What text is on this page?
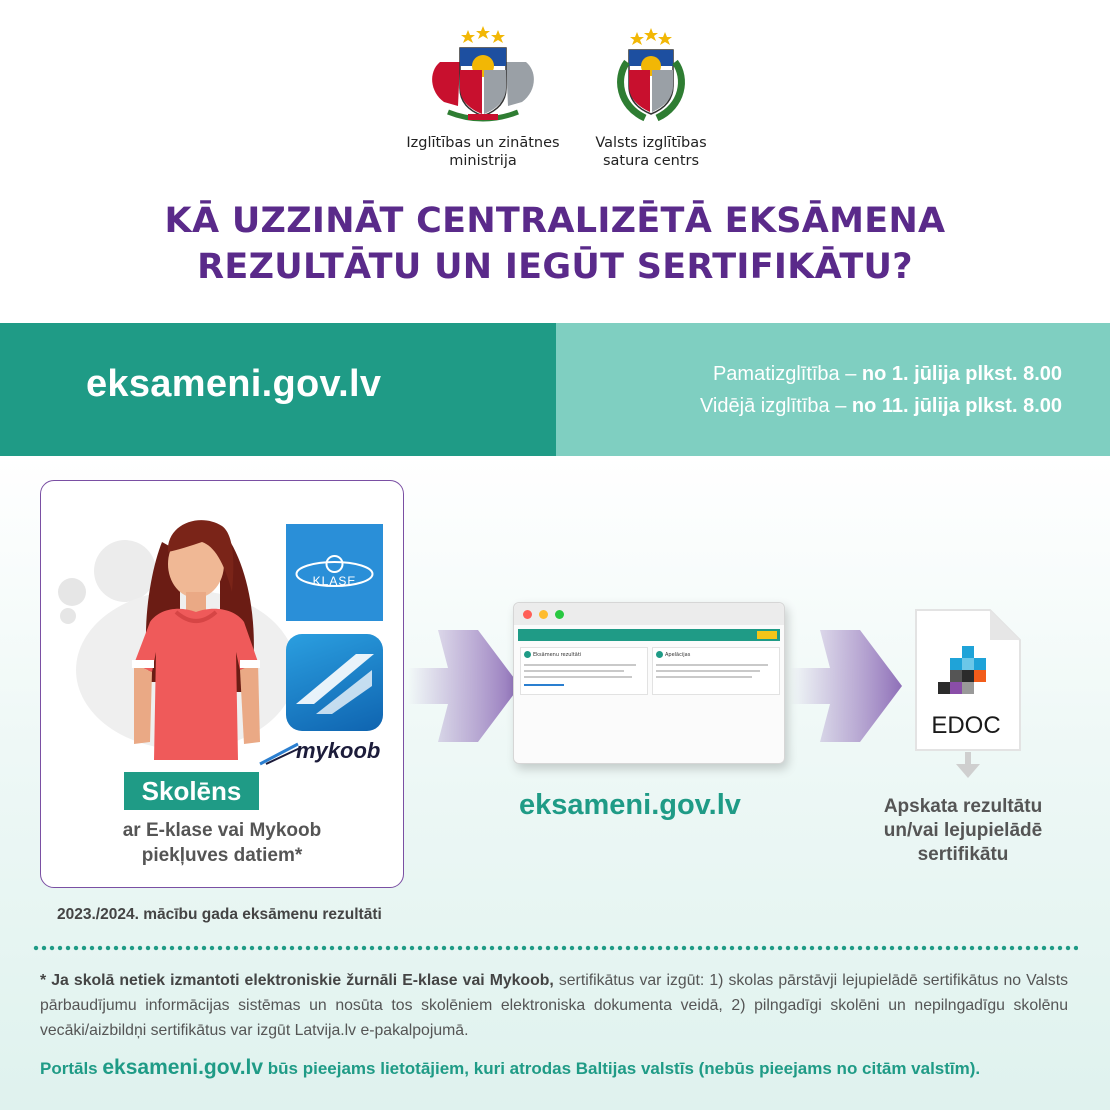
Izglītības un zinātnes
ministrija
Valsts izglītības
satura centrs
KĀ UZZINĀT CENTRALIZĒTĀ EKSĀMENA
REZULTĀTU UN IEGŪT SERTIFIKĀTU?
eksameni.gov.lv	Pamatizglītība – no 1. jūlija plkst. 8.00
Vidējā izglītība – no 11. jūlija plkst. 8.00
KLASE
mykoob
Skolēns
ar E-klase vai Mykoob
piekļuves datiem*
Eksāmenu rezultāti	Apelācijas
eksameni.gov.lv
EDOC
Apskata rezultātu
un/vai lejupielādē
sertifikātu
2023./2024. mācību gada eksāmenu rezultāti
* Ja skolā netiek izmantoti elektroniskie žurnāli E-klase vai Mykoob, sertifikātus var izgūt: 1) skolas pārstāvji lejupielādē sertifikātus no Valsts pārbaudījumu informācijas sistēmas un nosūta tos skolēniem elektroniska dokumenta veidā, 2) pilngadīgi skolēni un nepilngadīgu skolēnu vecāki/aizbildņi sertifikātus var izgūt Latvija.lv e-pakalpojumā.
Portāls eksameni.gov.lv būs pieejams lietotājiem, kuri atrodas Baltijas valstīs (nebūs pieejams no citām valstīm).
